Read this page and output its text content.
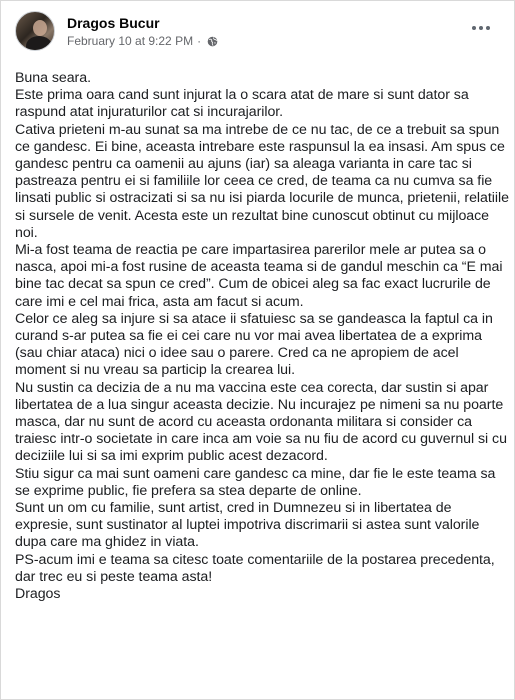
Dragos Bucur
February 10 at 9:22 PM ·

Buna seara.

Este prima oara cand sunt injurat la o scara atat de mare si sunt dator sa raspund atat injuraturilor cat si incurajarilor.

Cativa prieteni m-au sunat sa ma intrebe de ce nu tac, de ce a trebuit sa spun ce gandesc. Ei bine, aceasta intrebare este raspunsul la ea insasi. Am spus ce gandesc pentru ca oamenii au ajuns (iar) sa aleaga varianta in care tac si pastreaza pentru ei si familiile lor ceea ce cred, de teama ca nu cumva sa fie linsati public si ostracizati si sa nu isi piarda locurile de munca, prietenii, relatiile si sursele de venit. Acesta este un rezultat bine cunoscut obtinut cu mijloace noi.

Mi-a fost teama de reactia pe care impartasirea parerilor mele ar putea sa o nasca, apoi mi-a fost rusine de aceasta teama si de gandul meschin ca “E mai bine tac decat sa spun ce cred”. Cum de obicei aleg sa fac exact lucrurile de care imi e cel mai frica, asta am facut si acum.

Celor ce aleg sa injure si sa atace ii sfatuiesc sa se gandeasca la faptul ca in curand s-ar putea sa fie ei cei care nu vor mai avea libertatea de a exprima (sau chiar ataca) nici o idee sau o parere. Cred ca ne apropiem de acel moment si nu vreau sa particip la crearea lui.

Nu sustin ca decizia de a nu ma vaccina este cea corecta, dar sustin si apar libertatea de a lua singur aceasta decizie. Nu incurajez pe nimeni sa nu poarte masca, dar nu sunt de acord cu aceasta ordonanta militara si consider ca traiesc intr-o societate in care inca am voie sa nu fiu de acord cu guvernul si cu deciziile lui si sa imi exprim public acest dezacord.

Stiu sigur ca mai sunt oameni care gandesc ca mine, dar fie le este teama sa se exprime public, fie prefera sa stea departe de online.

Sunt un om cu familie, sunt artist, cred in Dumnezeu si in libertatea de expresie, sunt sustinator al luptei impotriva discrimarii si astea sunt valorile dupa care ma ghidez in viata.

PS-acum imi e teama sa citesc toate comentariile de la postarea precedenta, dar trec eu si peste teama asta!

Dragos
